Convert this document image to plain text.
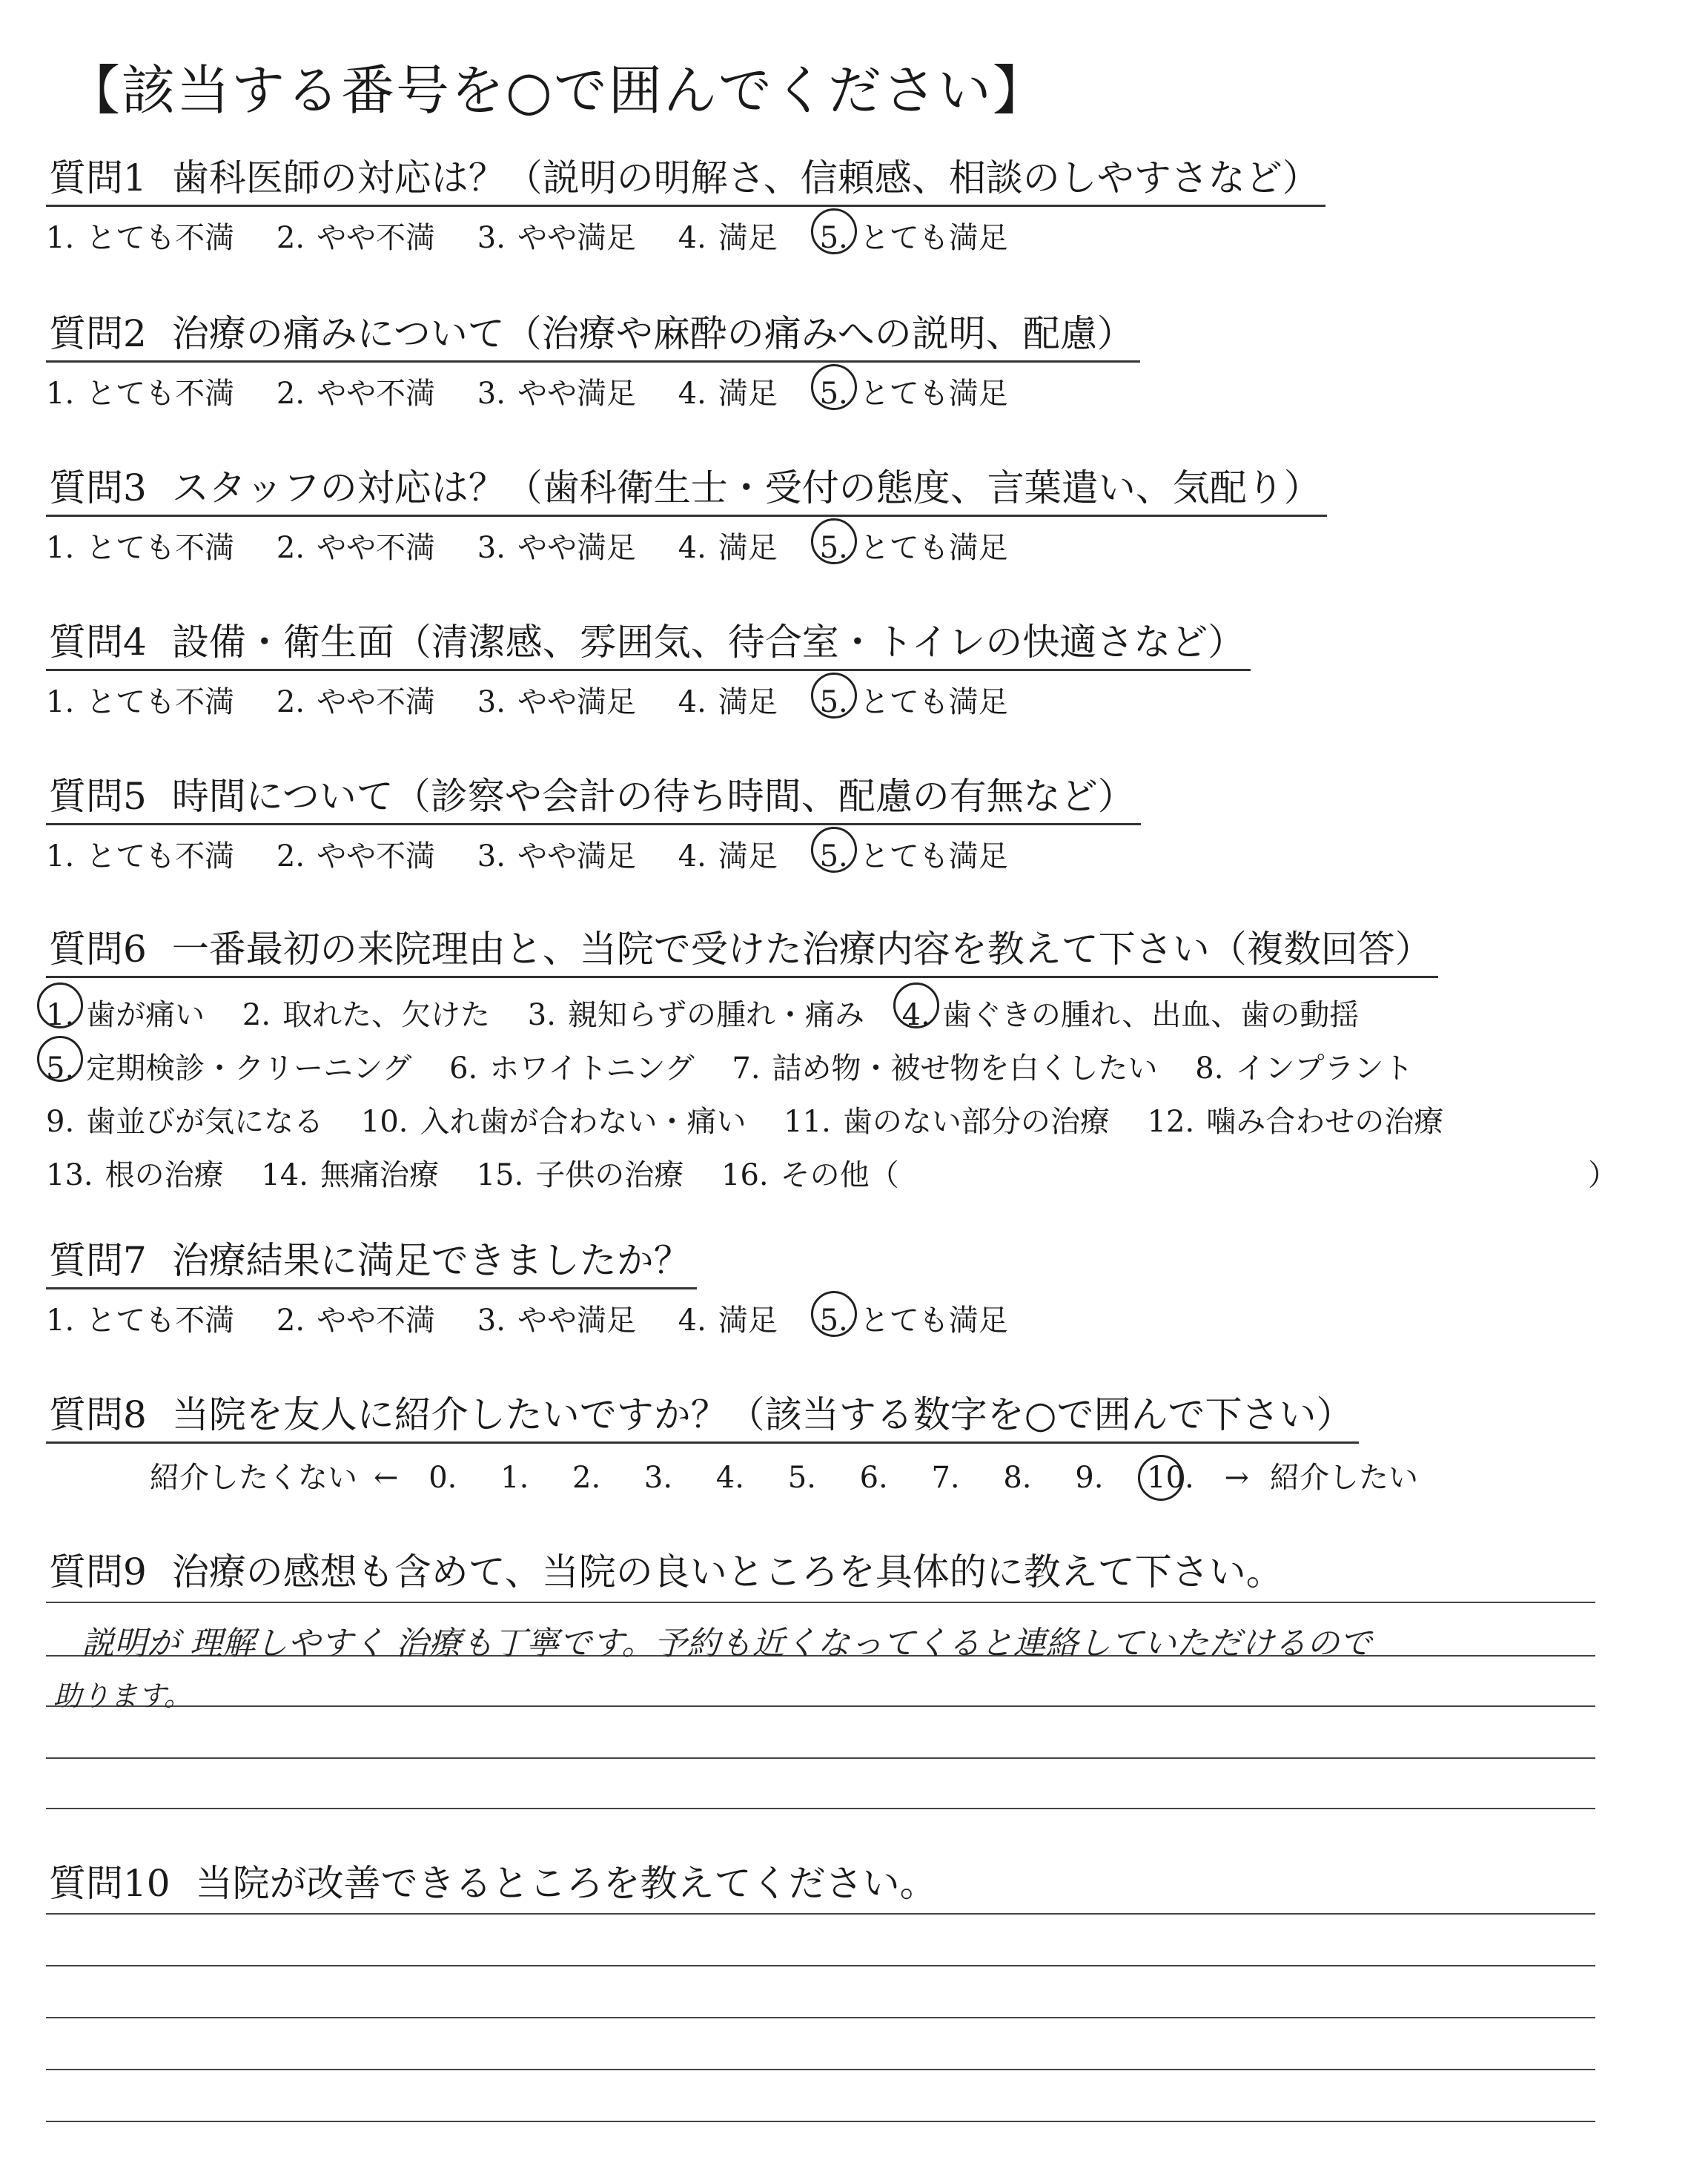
【該当する番号を○で囲んでください】
質問1 歯科医師の対応は？（説明の明解さ、信頼感、相談のしやすさなど）
1. とても不満 2. やや不満 3. やや満足 4. 満足 5. とても満足
質問2 治療の痛みについて（治療や麻酔の痛みへの説明、配慮）
1. とても不満 2. やや不満 3. やや満足 4. 満足 5. とても満足
質問3 スタッフの対応は？（歯科衛生士・受付の態度、言葉遣い、気配り）
1. とても不満 2. やや不満 3. やや満足 4. 満足 5. とても満足
質問4 設備・衛生面（清潔感、雰囲気、待合室・トイレの快適さなど）
1. とても不満 2. やや不満 3. やや満足 4. 満足 5. とても満足
質問5 時間について（診察や会計の待ち時間、配慮の有無など）
1. とても不満 2. やや不満 3. やや満足 4. 満足 5. とても満足
質問6 一番最初の来院理由と、当院で受けた治療内容を教えて下さい（複数回答）
1. 歯が痛い 2. 取れた、欠けた 3. 親知らずの腫れ・痛み 4. 歯ぐきの腫れ、出血、歯の動揺
5. 定期検診・クリーニング 6. ホワイトニング 7. 詰め物・被せ物を白くしたい 8. インプラント
9. 歯並びが気になる 10. 入れ歯が合わない・痛い 11. 歯のない部分の治療 12. 噛み合わせの治療
13. 根の治療 14. 無痛治療 15. 子供の治療 16. その他（	）
質問7 治療結果に満足できましたか？
1. とても不満 2. やや不満 3. やや満足 4. 満足 5. とても満足
質問8 当院を友人に紹介したいですか？（該当する数字を○で囲んで下さい）
紹介したくない ← 0. 1. 2. 3. 4. 5. 6. 7. 8. 9. 10. → 紹介したい
質問9 治療の感想も含めて、当院の良いところを具体的に教えて下さい。
説明が 理解しやすく 治療も丁寧です。予約も近くなってくると連絡していただけるので
助ります。
質問10 当院が改善できるところを教えてください。
